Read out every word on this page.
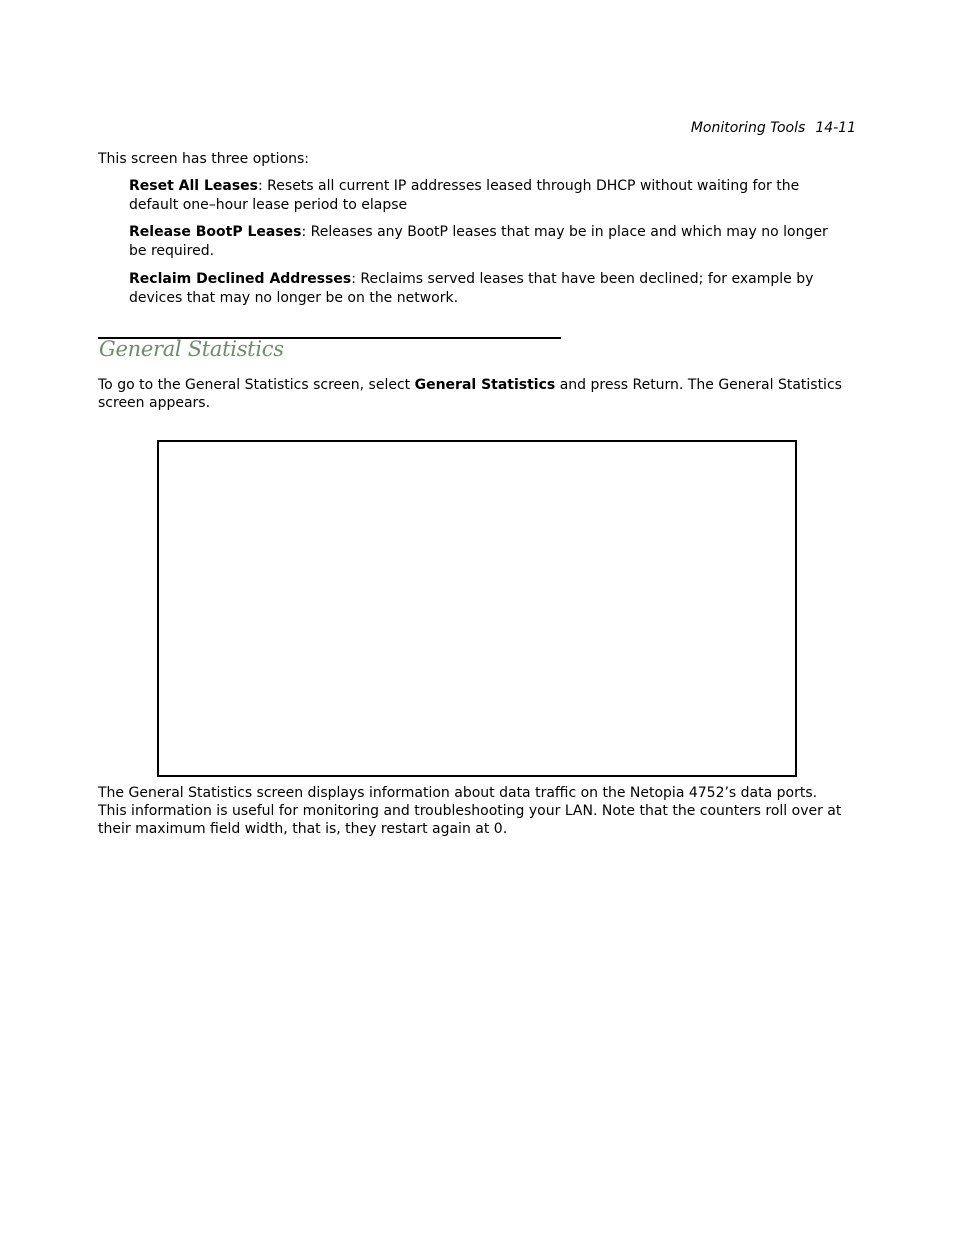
Monitoring Tools 14-11

This screen has three options:

Reset All Leases: Resets all current IP addresses leased through DHCP without waiting for the default one–hour lease period to elapse

Release BootP Leases: Releases any BootP leases that may be in place and which may no longer be required.

Reclaim Declined Addresses: Reclaims served leases that have been declined; for example by devices that may no longer be on the network.

General Statistics

To go to the General Statistics screen, select General Statistics and press Return. The General Statistics screen appears.

The General Statistics screen displays information about data traffic on the Netopia 4752’s data ports. This information is useful for monitoring and troubleshooting your LAN. Note that the counters roll over at their maximum field width, that is, they restart again at 0.
